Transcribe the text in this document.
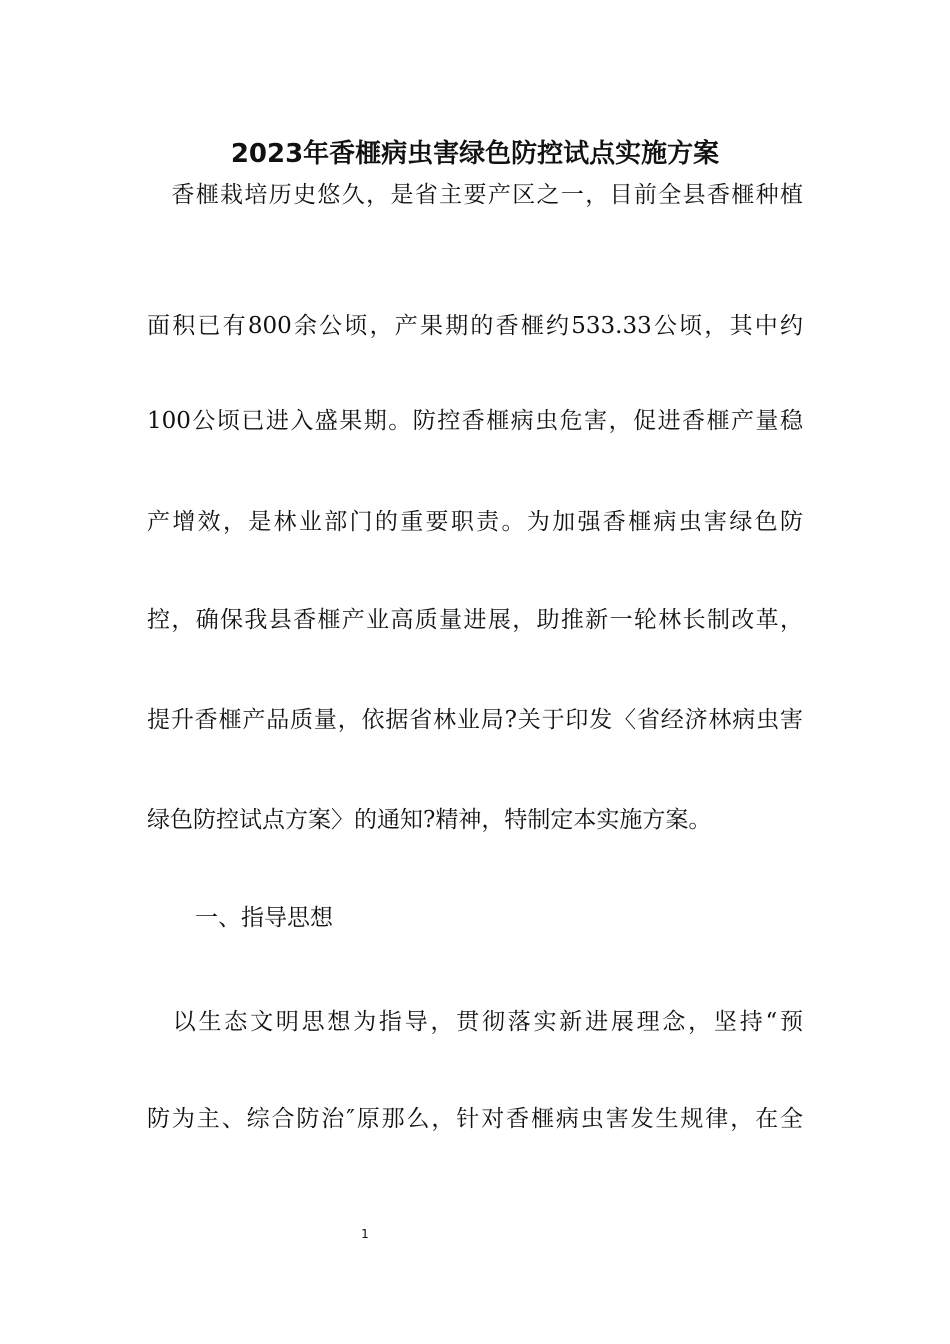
2023年香榧病虫害绿色防控试点实施方案
　香榧栽培历史悠久，是省主要产区之一，目前全县香榧种植
面积已有800余公顷，产果期的香榧约533.33公顷，其中约
100公顷已进入盛果期。防控香榧病虫危害，促进香榧产量稳
产增效，是林业部门的重要职责。为加强香榧病虫害绿色防
控，确保我县香榧产业高质量进展，助推新一轮林长制改革，
提升香榧产品质量，依据省林业局?关于印发〈省经济林病虫害
绿色防控试点方案〉的通知?精神，特制定本实施方案。
一、指导思想
　以生态文明思想为指导，贯彻落实新进展理念，坚持“预
防为主、综合防治″原那么，针对香榧病虫害发生规律，在全
1
